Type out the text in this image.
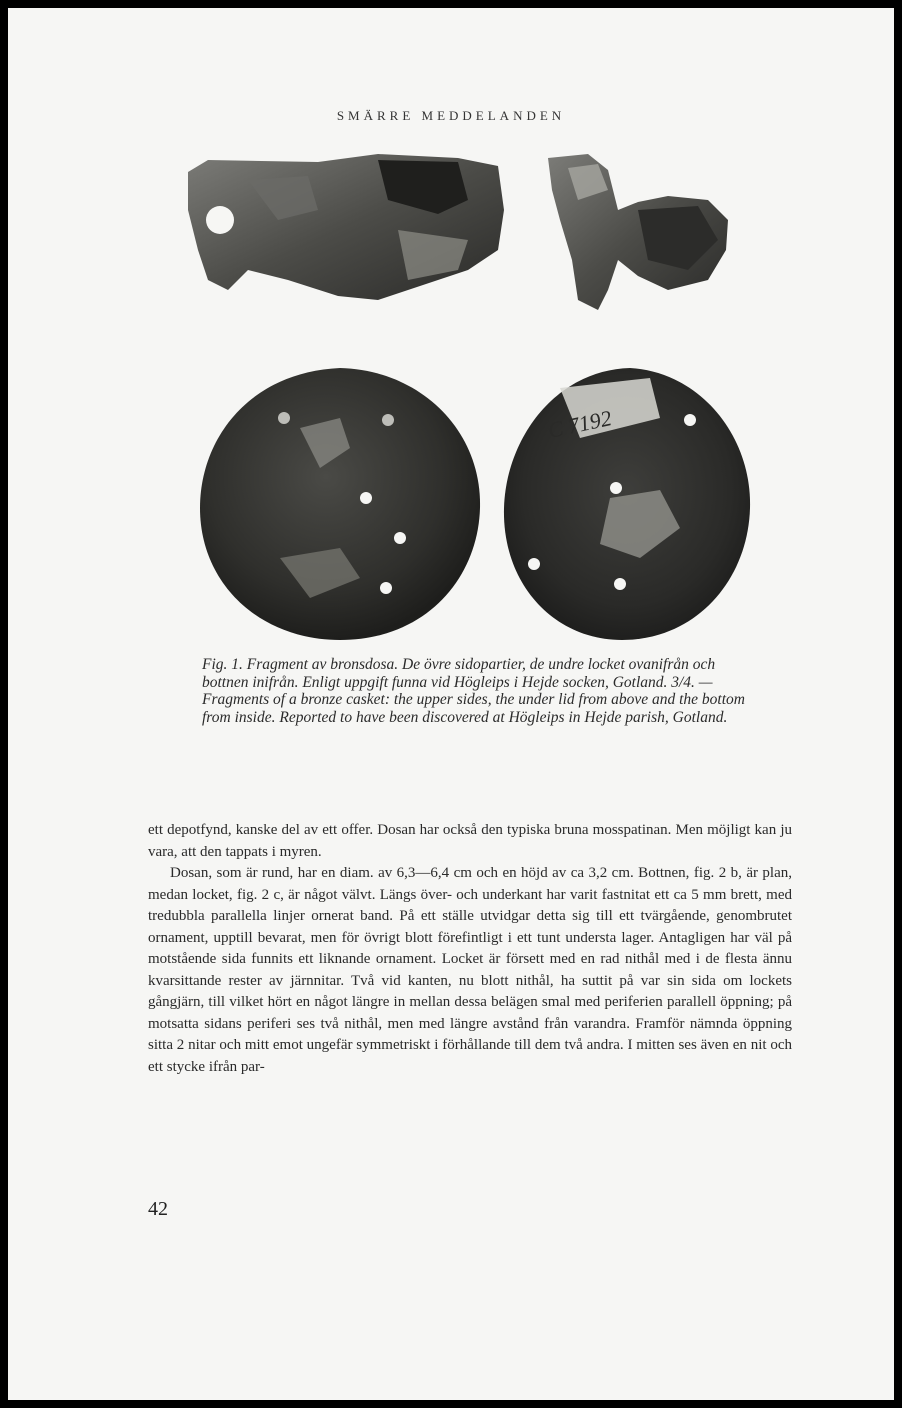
SMÄRRE MEDDELANDEN
C 7192

Fig. 1. Fragment av bronsdosa. De övre sidopartier, de undre locket ovanifrån och bottnen inifrån. Enligt uppgift funna vid Högleips i Hejde socken, Gotland. 3/4. — Fragments of a bronze casket: the upper sides, the under lid from above and the bottom from inside. Reported to have been discovered at Högleips in Hejde parish, Gotland.

ett depotfynd, kanske del av ett offer. Dosan har också den typiska bruna mosspatinan. Men möjligt kan ju vara, att den tappats i myren.

Dosan, som är rund, har en diam. av 6,3—6,4 cm och en höjd av ca 3,2 cm. Bottnen, fig. 2 b, är plan, medan locket, fig. 2 c, är något välvt. Längs över- och underkant har varit fastnitat ett ca 5 mm brett, med tredubbla parallella linjer ornerat band. På ett ställe utvidgar detta sig till ett tvärgående, genombrutet ornament, upptill bevarat, men för övrigt blott förefintligt i ett tunt understa lager. Antagligen har väl på motstående sida funnits ett liknande ornament. Locket är försett med en rad nithål med i de flesta ännu kvarsittande rester av järnnitar. Två vid kanten, nu blott nithål, ha suttit på var sin sida om lockets gångjärn, till vilket hört en något längre in mellan dessa belägen smal med periferien parallell öppning; på motsatta sidans periferi ses två nithål, men med längre avstånd från varandra. Framför nämnda öppning sitta 2 nitar och mitt emot ungefär symmetriskt i förhållande till dem två andra. I mitten ses även en nit och ett stycke ifrån par-

42
